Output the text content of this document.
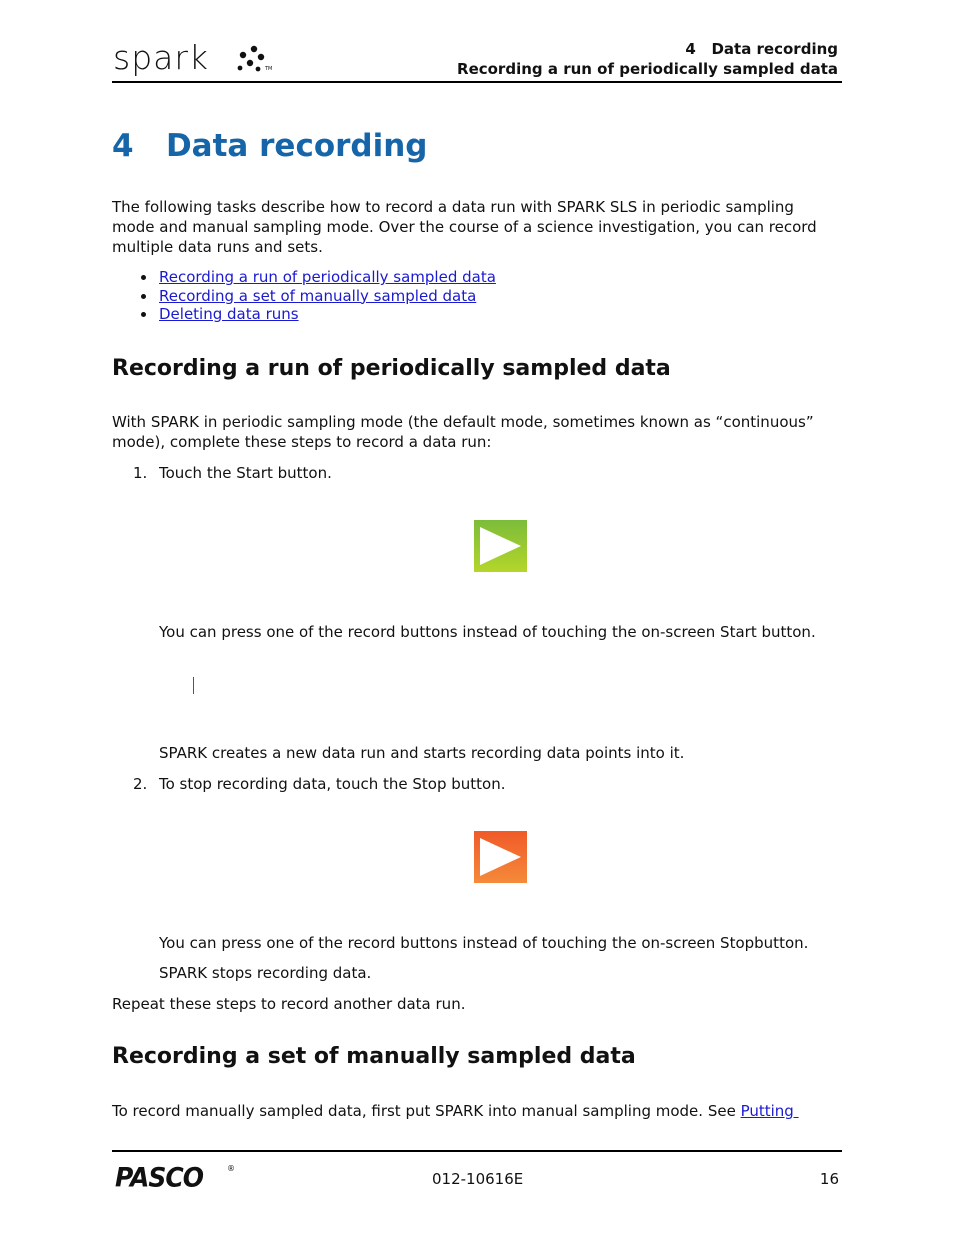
spark	TM
4   Data recording
Recording a run of periodically sampled data
4   Data recording
The following tasks describe how to record a data run with SPARK SLS in periodic sampling mode and manual sampling mode. Over the course of a science investigation, you can record multiple data runs and sets.
Recording a run of periodically sampled data
Recording a set of manually sampled data
Deleting data runs
Recording a run of periodically sampled data
With SPARK in periodic sampling mode (the default mode, sometimes known as “continuous” mode), complete these steps to record a data run:
1. Touch the Start button.
You can press one of the record buttons instead of touching the on-screen Start button.
SPARK creates a new data run and starts recording data points into it.
2. To stop recording data, touch the Stop button.
You can press one of the record buttons instead of touching the on-screen Stopbutton.
SPARK stops recording data.
Repeat these steps to record another data run.
Recording a set of manually sampled data
To record manually sampled data, first put SPARK into manual sampling mode. See Putting
PASCO	®
012-10616E	16
